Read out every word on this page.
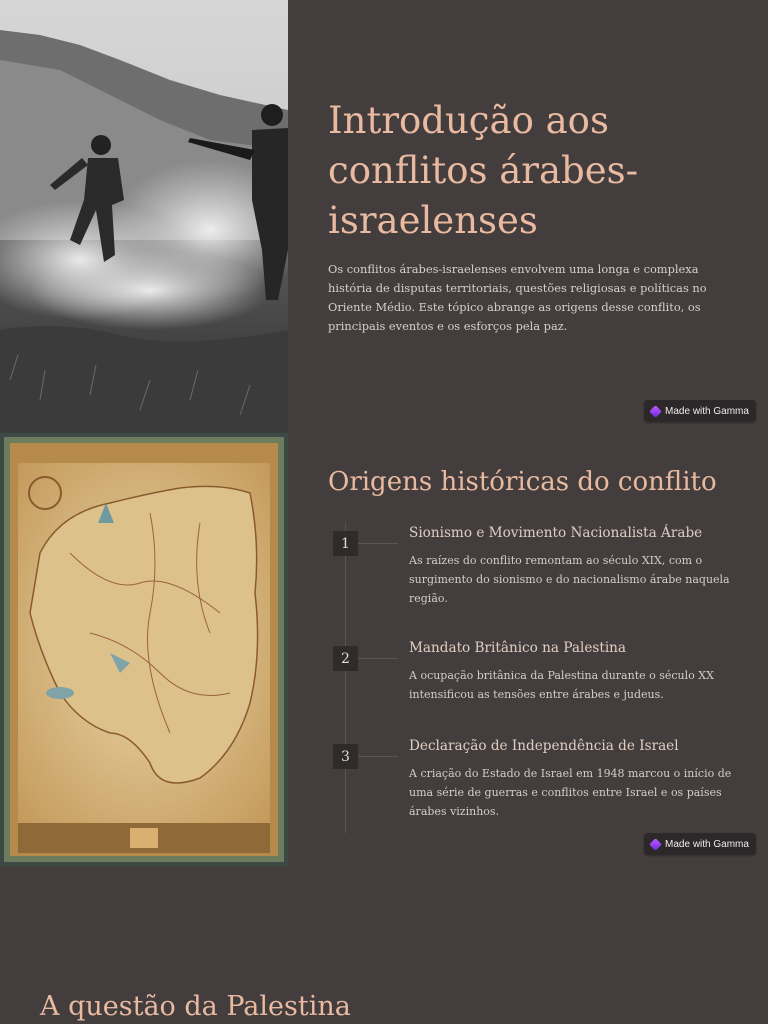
Introdução aos conflitos árabes-israelenses

Os conflitos árabes-israelenses envolvem uma longa e complexa história de disputas territoriais, questões religiosas e políticas no Oriente Médio. Este tópico abrange as origens desse conflito, os principais eventos e os esforços pela paz.

Made with Gamma
Origens históricas do conflito
1
Sionismo e Movimento Nacionalista Árabe

As raízes do conflito remontam ao século XIX, com o surgimento do sionismo e do nacionalismo árabe naquela região.

2
Mandato Britânico na Palestina

A ocupação britânica da Palestina durante o século XX intensificou as tensões entre árabes e judeus.

3
Declaração de Independência de Israel

A criação do Estado de Israel em 1948 marcou o início de uma série de guerras e conflitos entre Israel e os países árabes vizinhos.

Made with Gamma
A questão da Palestina
